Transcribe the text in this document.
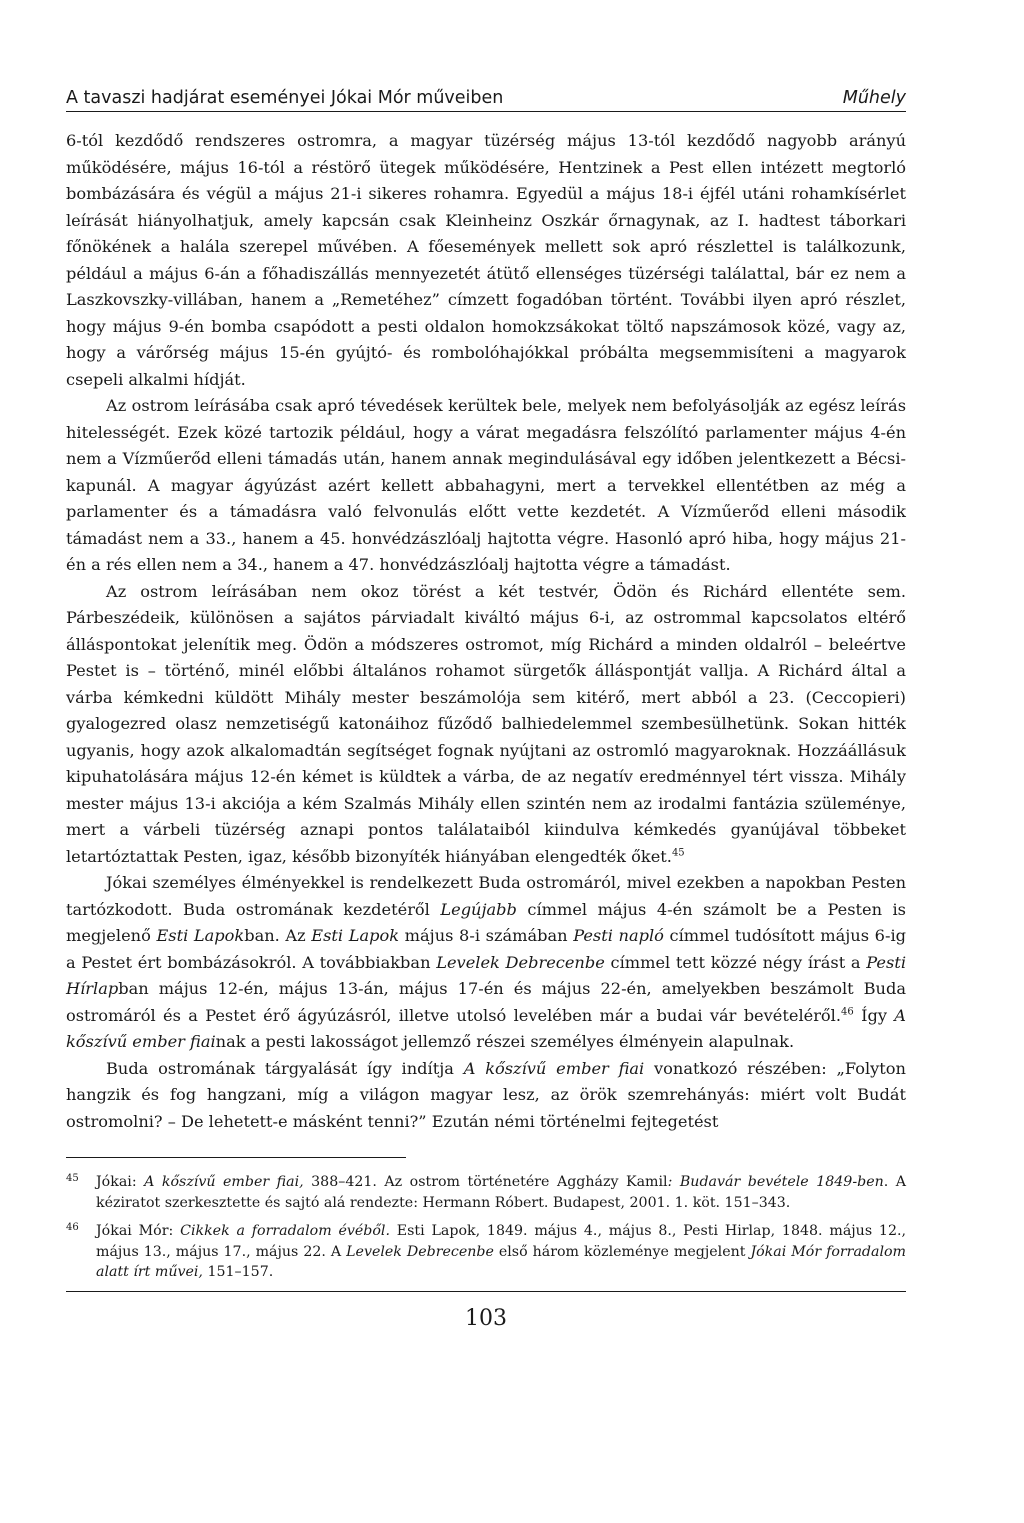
A tavaszi hadjárat eseményei Jókai Mór műveiben	Műhely

6-tól kezdődő rendszeres ostromra, a magyar tüzérség május 13-tól kezdődő nagyobb arányú működésére, május 16-tól a réstörő ütegek működésére, Hentzinek a Pest ellen intézett megtorló bombázására és végül a május 21-i sikeres rohamra. Egyedül a május 18-i éjfél utáni rohamkísérlet leírását hiányolhatjuk, amely kapcsán csak Kleinheinz Oszkár őrnagynak, az I. hadtest táborkari főnökének a halála szerepel művében. A főesemények mellett sok apró részlettel is találkozunk, például a május 6-án a főhadiszállás mennyezetét átütő ellenséges tüzérségi találattal, bár ez nem a Laszkovszky-villában, hanem a „Remetéhez” címzett fogadóban történt. További ilyen apró részlet, hogy május 9-én bomba csapódott a pesti oldalon homokzsákokat töltő napszámosok közé, vagy az, hogy a várőrség május 15-én gyújtó- és rombolóhajókkal próbálta megsemmisíteni a magyarok csepeli alkalmi hídját.

Az ostrom leírásába csak apró tévedések kerültek bele, melyek nem befolyásolják az egész leírás hitelességét. Ezek közé tartozik például, hogy a várat megadásra felszólító parlamenter május 4-én nem a Vízműerőd elleni támadás után, hanem annak megindulásával egy időben jelentkezett a Bécsi-kapunál. A magyar ágyúzást azért kellett abbahagyni, mert a tervekkel ellentétben az még a parlamenter és a támadásra való felvonulás előtt vette kezdetét. A Vízműerőd elleni második támadást nem a 33., hanem a 45. honvédzászlóalj hajtotta végre. Hasonló apró hiba, hogy május 21-én a rés ellen nem a 34., hanem a 47. honvédzászlóalj hajtotta végre a támadást.

Az ostrom leírásában nem okoz törést a két testvér, Ödön és Richárd ellentéte sem. Párbeszédeik, különösen a sajátos párviadalt kiváltó május 6-i, az ostrommal kapcsolatos eltérő álláspontokat jelenítik meg. Ödön a módszeres ostromot, míg Richárd a minden oldalról – beleértve Pestet is – történő, minél előbbi általános rohamot sürgetők álláspontját vallja. A Richárd által a várba kémkedni küldött Mihály mester beszámolója sem kitérő, mert abból a 23. (Ceccopieri) gyalogezred olasz nemzetiségű katonáihoz fűződő balhiedelemmel szembesülhetünk. Sokan hitték ugyanis, hogy azok alkalomadtán segítséget fognak nyújtani az ostromló magyaroknak. Hozzáállásuk kipuhatolására május 12-én kémet is küldtek a várba, de az negatív eredménnyel tért vissza. Mihály mester május 13-i akciója a kém Szalmás Mihály ellen szintén nem az irodalmi fantázia szüleménye, mert a várbeli tüzérség aznapi pontos találataiból kiindulva kémkedés gyanújával többeket letartóztattak Pesten, igaz, később bizonyíték hiányában elengedték őket.$^{45}$

Jókai személyes élményekkel is rendelkezett Buda ostromáról, mivel ezekben a napokban Pesten tartózkodott. Buda ostromának kezdetéről Legújabb címmel május 4-én számolt be a Pesten is megjelenő Esti Lapokban. Az Esti Lapok május 8-i számában Pesti napló címmel tudósított május 6-ig a Pestet ért bombázásokról. A továbbiakban Levelek Debrecenbe címmel tett közzé négy írást a Pesti Hírlapban május 12-én, május 13-án, május 17-én és május 22-én, amelyekben beszámolt Buda ostromáról és a Pestet érő ágyúzásról, illetve utolsó levelében már a budai vár bevételéről.$^{46}$ Így A kőszívű ember fiainak a pesti lakosságot jellemző részei személyes élményein alapulnak.

Buda ostromának tárgyalását így indítja A kőszívű ember fiai vonatkozó részében: „Folyton hangzik és fog hangzani, míg a világon magyar lesz, az örök szemrehányás: miért volt Budát ostromolni? – De lehetett-e másként tenni?” Ezután némi történelmi fejtegetést

45 Jókai: A kőszívű ember fiai, 388–421. Az ostrom történetére Aggházy Kamil: Budavár bevétele 1849-ben. A kéziratot szerkesztette és sajtó alá rendezte: Hermann Róbert. Budapest, 2001. 1. köt. 151–343.
46 Jókai Mór: Cikkek a forradalom évéből. Esti Lapok, 1849. május 4., május 8., Pesti Hirlap, 1848. május 12., május 13., május 17., május 22. A Levelek Debrecenbe első három közleménye megjelent Jókai Mór forradalom alatt írt művei, 151–157.
103
